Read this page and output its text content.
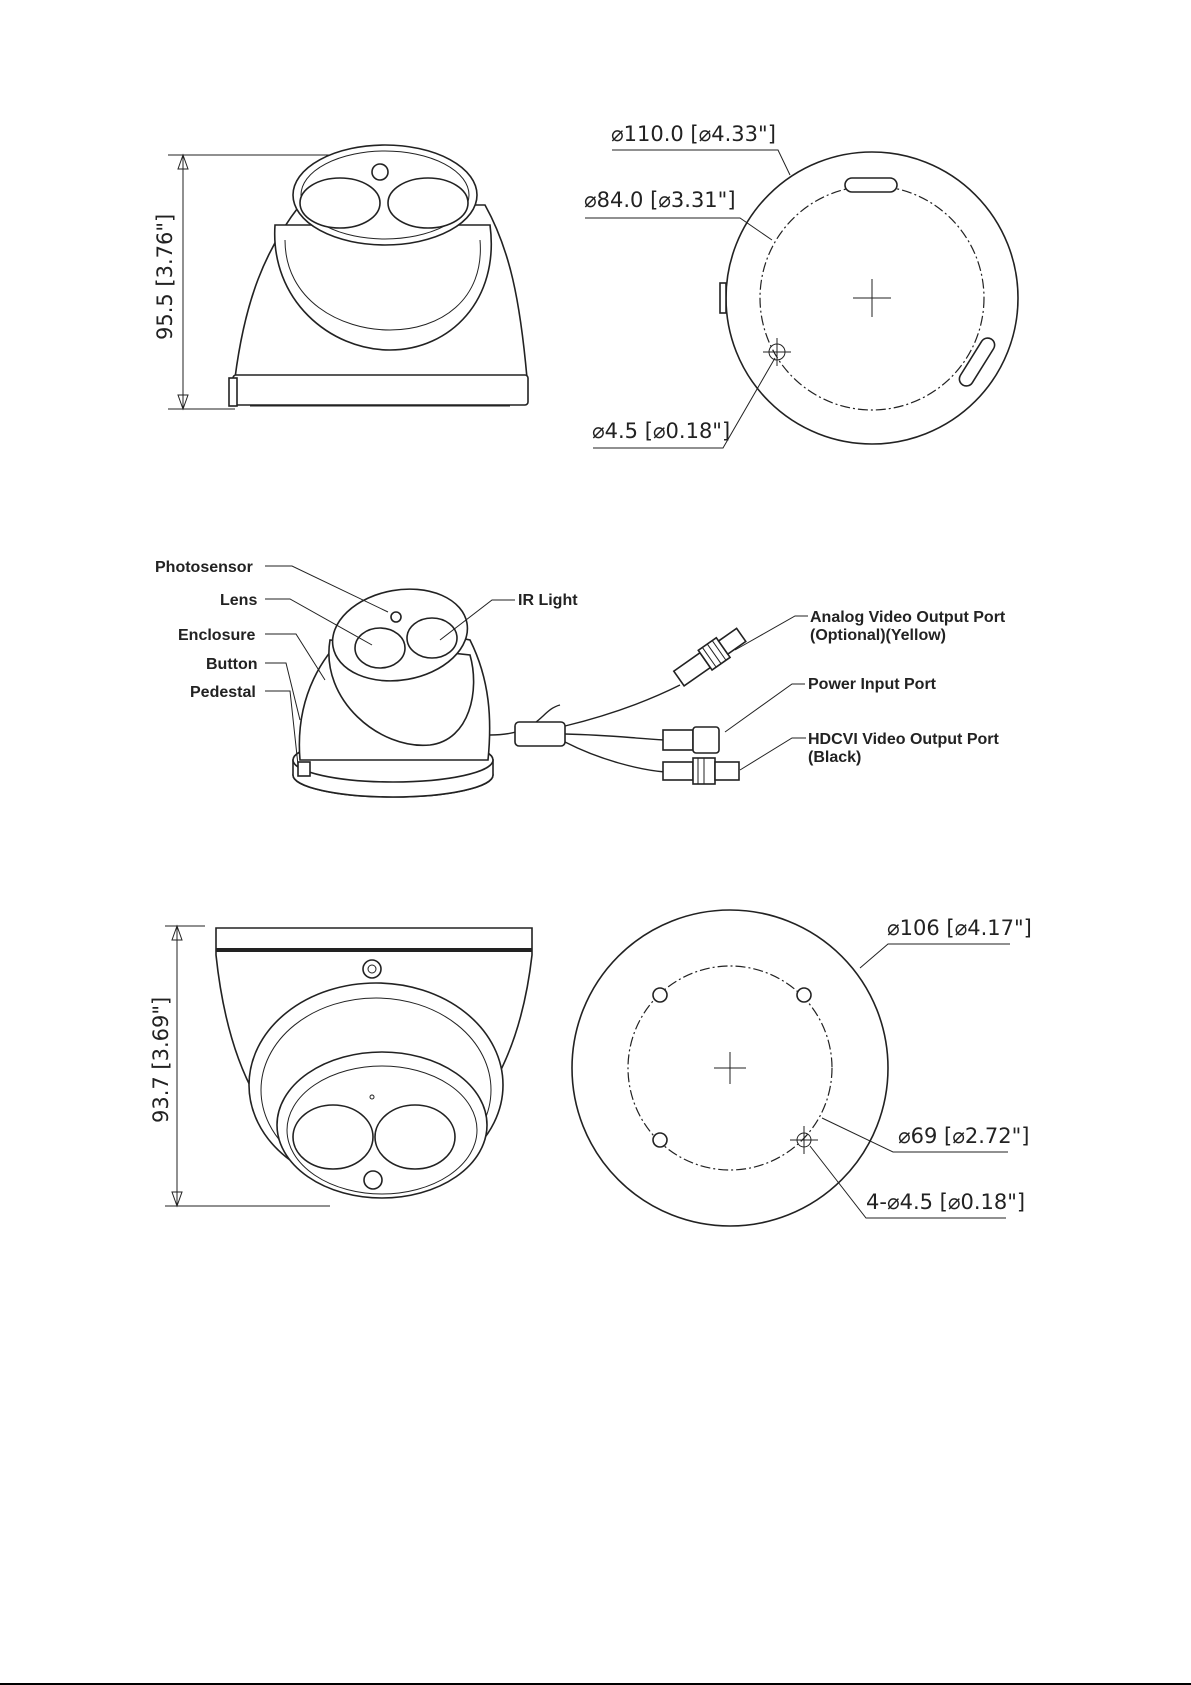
95.5 [3.76"]
⌀110.0 [⌀4.33"]
⌀84.0 [⌀3.31"]
⌀4.5 [⌀0.18"]
Photosensor
Lens
Enclosure
Button
Pedestal
IR Light
Analog Video Output Port
(Optional)(Yellow)
Power Input Port
HDCVI Video Output Port
(Black)
93.7 [3.69"]
⌀106 [⌀4.17"]
⌀69 [⌀2.72"]
4-⌀4.5 [⌀0.18"]
